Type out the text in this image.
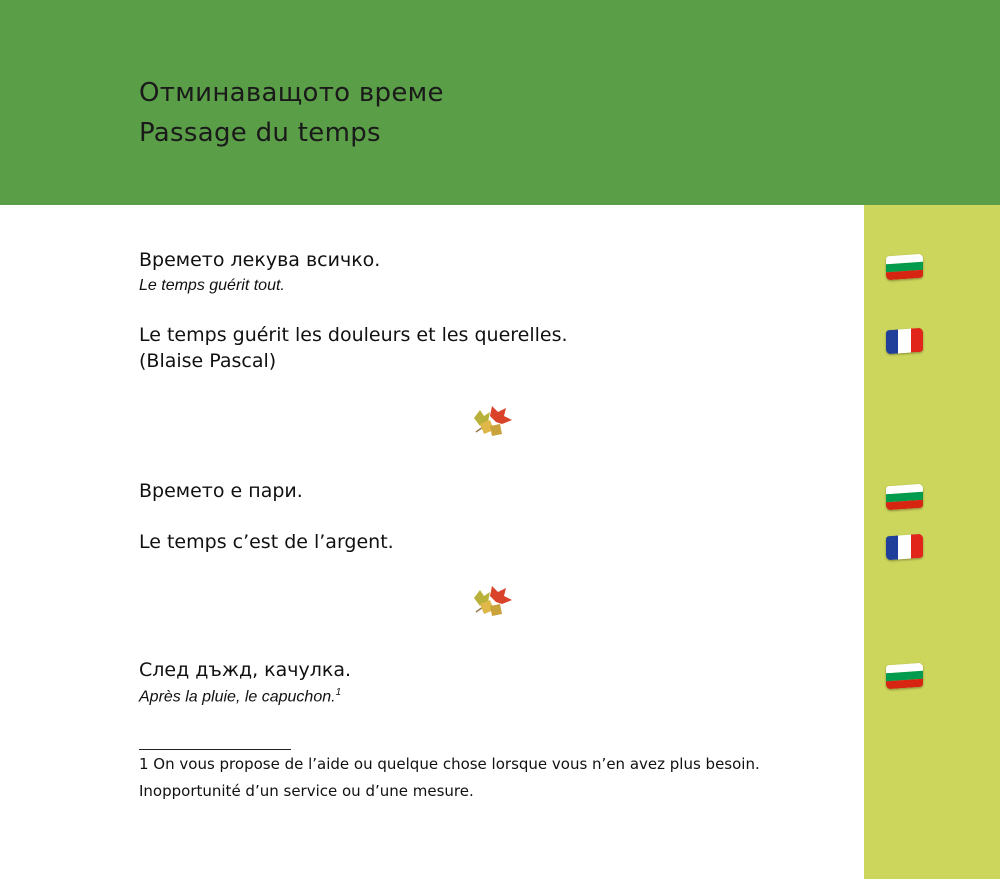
Отминаващото време
Passage du temps
Времето лекува всичко.
Le temps guérit tout.
Le temps guérit les douleurs et les querelles.
(Blaise Pascal)
Времето е пари.
Le temps c’est de l’argent.
След дъжд, качулка.
Après la pluie, le capuchon.$^1$
1 On vous propose de l’aide ou quelque chose lorsque vous n’en avez plus besoin.
Inopportunité d’un service ou d’une mesure.
